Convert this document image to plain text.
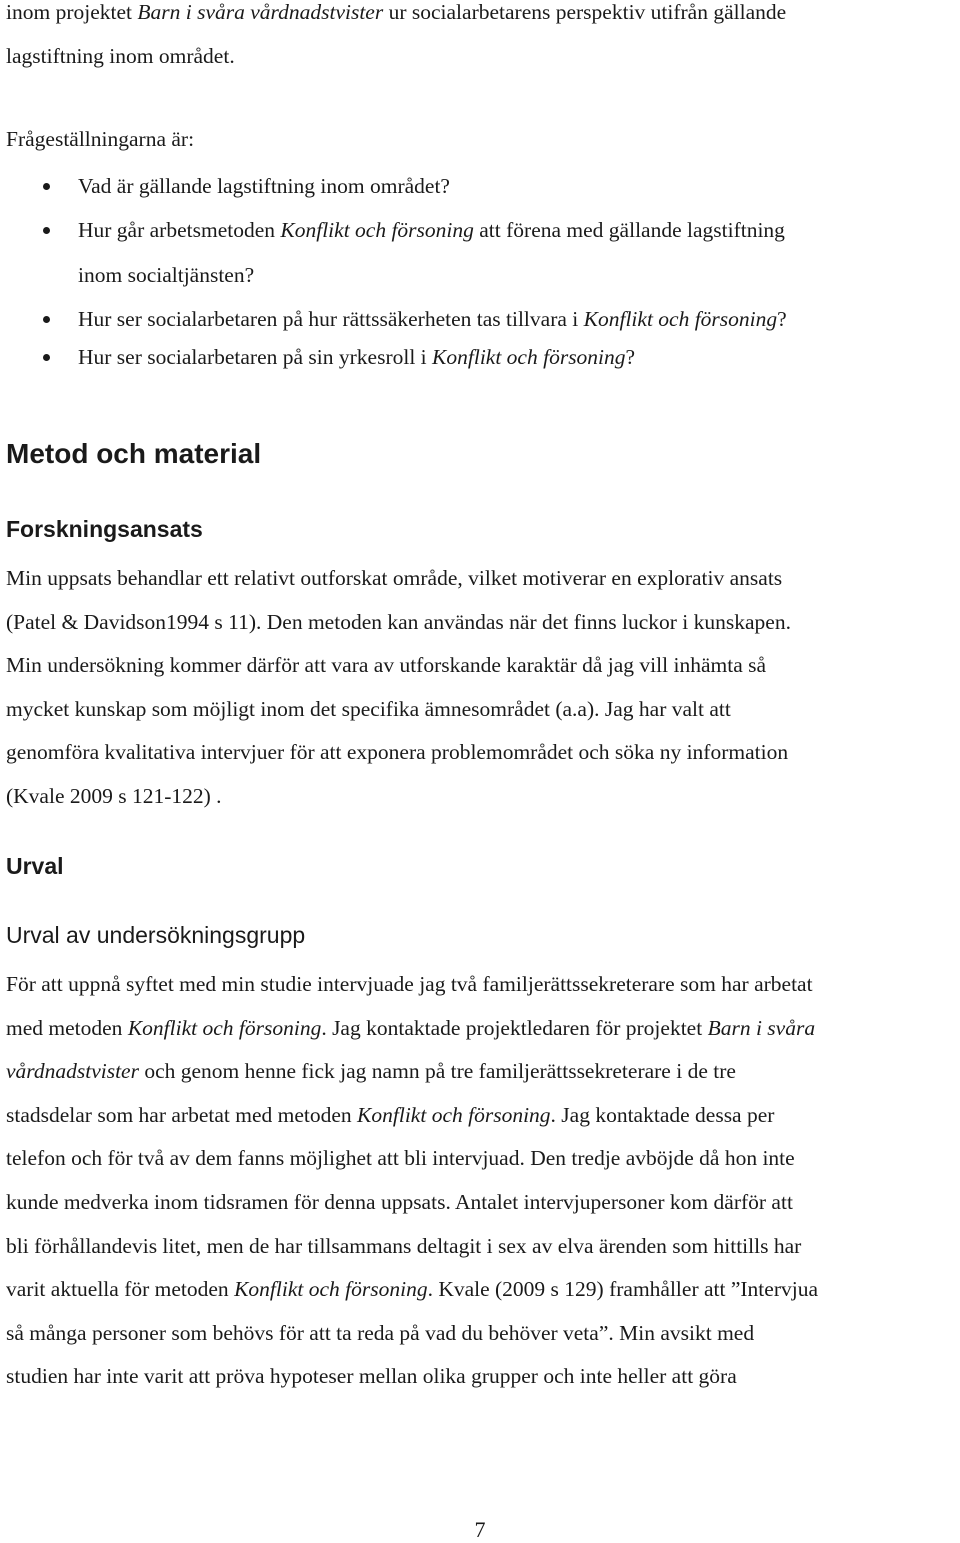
inom projektet Barn i svåra vårdnadstvister ur socialarbetarens perspektiv utifrån gällande
lagstiftning inom området.
Frågeställningarna är:
Vad är gällande lagstiftning inom området?
Hur går arbetsmetoden Konflikt och försoning att förena med gällande lagstiftning
inom socialtjänsten?
Hur ser socialarbetaren på hur rättssäkerheten tas tillvara i Konflikt och försoning?
Hur ser socialarbetaren på sin yrkesroll i Konflikt och försoning?
Metod och material
Forskningsansats
Min uppsats behandlar ett relativt outforskat område, vilket motiverar en explorativ ansats
(Patel & Davidson1994 s 11). Den metoden kan användas när det finns luckor i kunskapen.
Min undersökning kommer därför att vara av utforskande karaktär då jag vill inhämta så
mycket kunskap som möjligt inom det specifika ämnesområdet (a.a). Jag har valt att
genomföra kvalitativa intervjuer för att exponera problemområdet och söka ny information
(Kvale 2009 s 121-122) .
Urval
Urval av undersökningsgrupp
För att uppnå syftet med min studie intervjuade jag två familjerättssekreterare som har arbetat
med metoden Konflikt och försoning. Jag kontaktade projektledaren för projektet Barn i svåra
vårdnadstvister och genom henne fick jag namn på tre familjerättssekreterare i de tre
stadsdelar som har arbetat med metoden Konflikt och försoning. Jag kontaktade dessa per
telefon och för två av dem fanns möjlighet att bli intervjuad. Den tredje avböjde då hon inte
kunde medverka inom tidsramen för denna uppsats. Antalet intervjupersoner kom därför att
bli förhållandevis litet, men de har tillsammans deltagit i sex av elva ärenden som hittills har
varit aktuella för metoden Konflikt och försoning. Kvale (2009 s 129) framhåller att ”Intervjua
så många personer som behövs för att ta reda på vad du behöver veta”. Min avsikt med
studien har inte varit att pröva hypoteser mellan olika grupper och inte heller att göra
7
